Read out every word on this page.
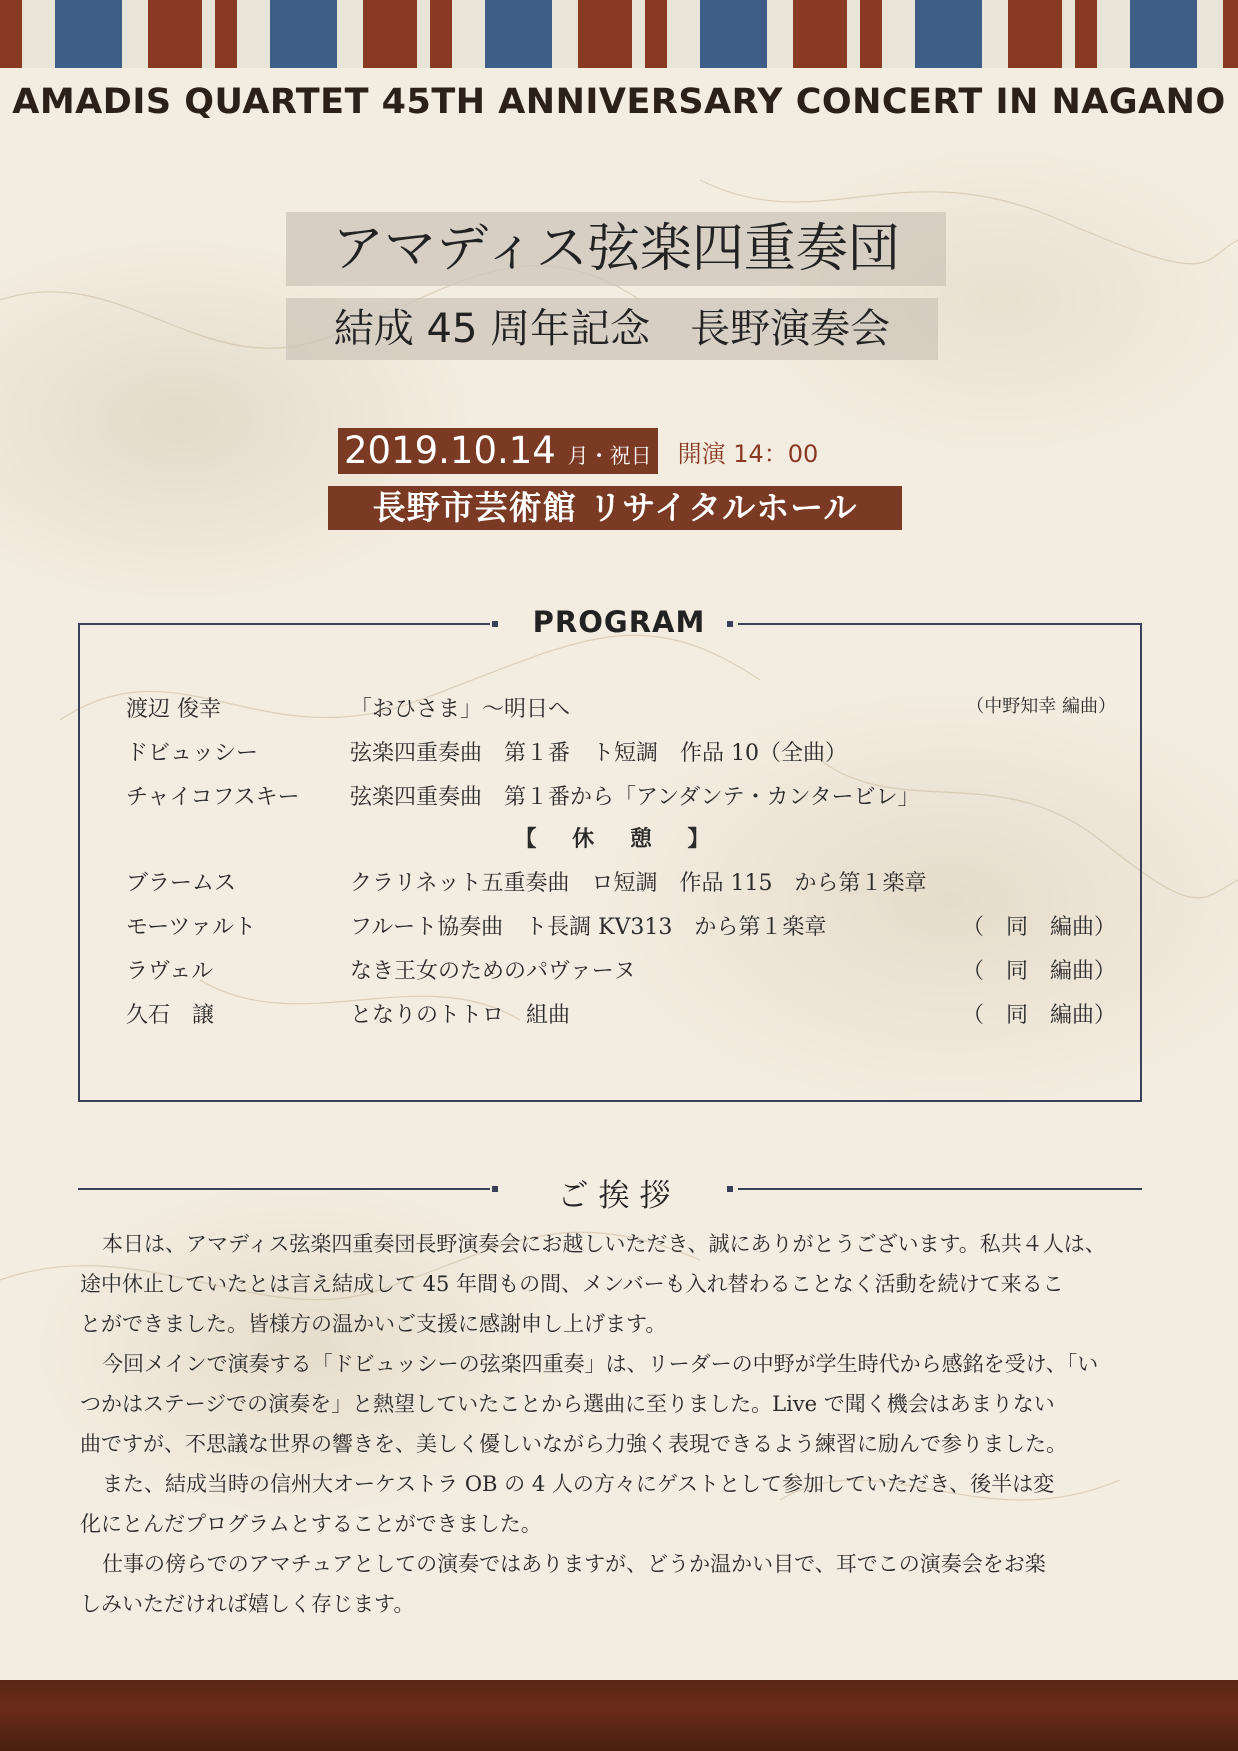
AMADIS QUARTET 45TH ANNIVERSARY CONCERT IN NAGANO
アマディス弦楽四重奏団
結成 45 周年記念　長野演奏会
2019.10.14 月・祝日 開演 14：00
長野市芸術館 リサイタルホール
PROGRAM
渡辺 俊幸	「おひさま」～明日へ	（中野知幸 編曲）
ドビュッシー	弦楽四重奏曲　第１番　ト短調　作品 10（全曲）
チャイコフスキー 弦楽四重奏曲　第１番から「アンダンテ・カンタービレ」
【 休 憩 】
ブラームス	クラリネット五重奏曲　ロ短調　作品 115　から第１楽章
モーツァルト	フルート協奏曲　ト長調 KV313　から第１楽章	（　同　編曲）
ラヴェル	なき王女のためのパヴァーヌ	（　同　編曲）
久石　譲	となりのトトロ　組曲	（　同　編曲）
ご挨拶
本日は、アマディス弦楽四重奏団長野演奏会にお越しいただき、誠にありがとうございます。私共４人は、
途中休止していたとは言え結成して 45 年間もの間、メンバーも入れ替わることなく活動を続けて来るこ
とができました。皆様方の温かいご支援に感謝申し上げます。
今回メインで演奏する「ドビュッシーの弦楽四重奏」は、リーダーの中野が学生時代から感銘を受け、「い
つかはステージでの演奏を」と熱望していたことから選曲に至りました。Live で聞く機会はあまりない
曲ですが、不思議な世界の響きを、美しく優しいながら力強く表現できるよう練習に励んで参りました。
また、結成当時の信州大オーケストラ OB の 4 人の方々にゲストとして参加していただき、後半は変
化にとんだプログラムとすることができました。
仕事の傍らでのアマチュアとしての演奏ではありますが、どうか温かい目で、耳でこの演奏会をお楽
しみいただければ嬉しく存じます。
